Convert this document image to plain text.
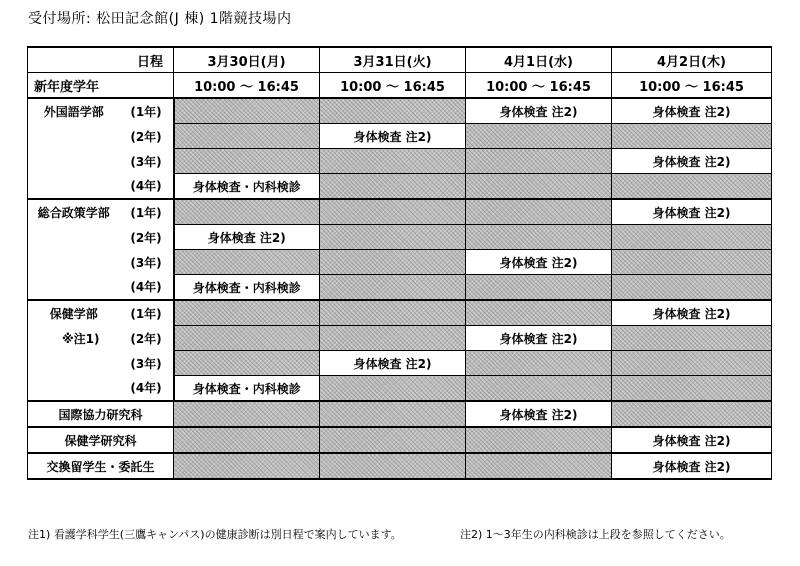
受付場所: 松田記念館(J 棟) 1階競技場内
日程		3月30日(月)	3月31日(火)	4月1日(水)	4月2日(木)
新年度学年		10:00 〜 16:45	10:00 〜 16:45	10:00 〜 16:45	10:00 〜 16:45
外国語学部	(1年)			身体検査 注2)	身体検査 注2)
	(2年)		身体検査 注2)		
	(3年)				身体検査 注2)
	(4年)	身体検査・内科検診			
総合政策学部	(1年)				身体検査 注2)
	(2年)	身体検査 注2)			
	(3年)			身体検査 注2)	
	(4年)	身体検査・内科検診			
保健学部	(1年)				身体検査 注2)
※注1)	(2年)			身体検査 注2)	
	(3年)		身体検査 注2)		
	(4年)	身体検査・内科検診			
国際協力研究科				身体検査 注2)	
保健学研究科					身体検査 注2)
交換留学生・委託生					身体検査 注2)
注1) 看護学科学生(三鷹キャンパス)の健康診断は別日程で案内しています。	注2) 1〜3年生の内科検診は上段を参照してください。
